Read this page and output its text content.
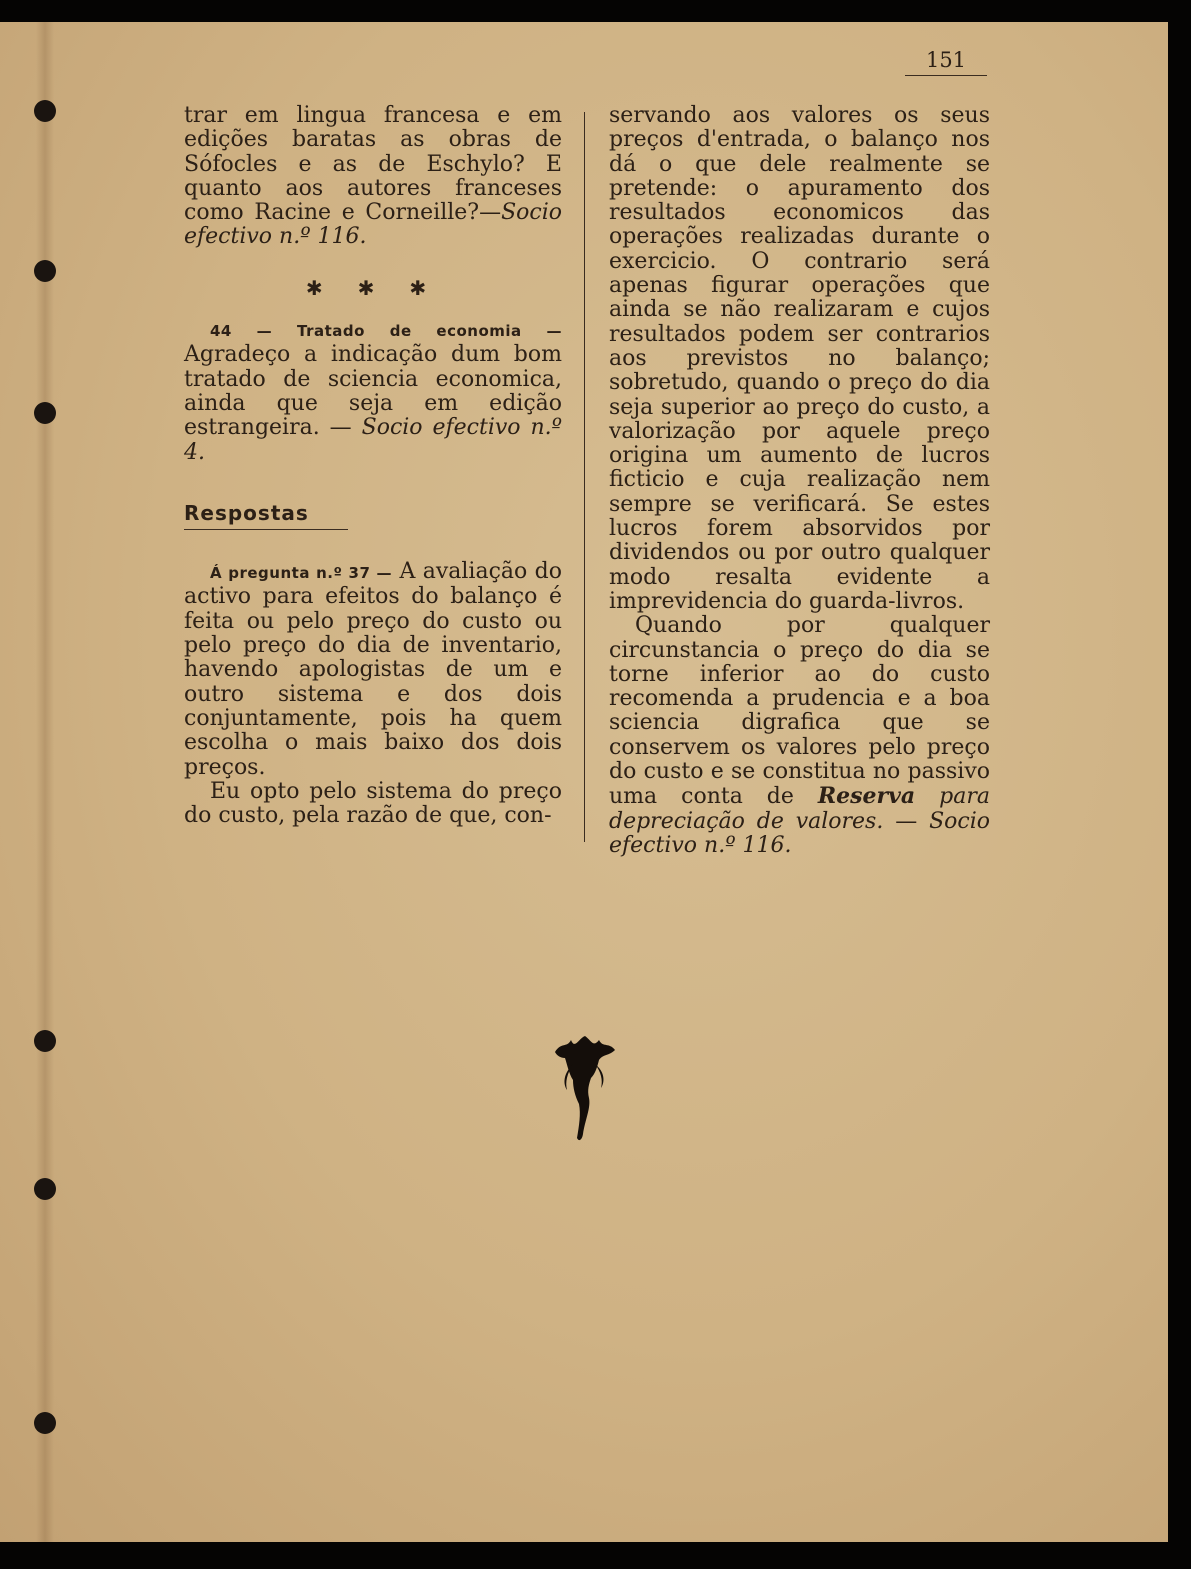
151

trar em lingua francesa e em edições baratas as obras de Sófocles e as de Eschylo? E quanto aos autores franceses como Racine e Corneille?—Socio efectivo n.º 116.

✱ ✱ ✱

44 — Tratado de economia — Agradeço a indicação dum bom tratado de sciencia economica, ainda que seja em edição estrangeira. — Socio efectivo n.º 4.

Respostas

Á pregunta n.º 37 — A avaliação do activo para efeitos do balanço é feita ou pelo preço do custo ou pelo preço do dia de inventario, havendo apologistas de um e outro sistema e dos dois conjuntamente, pois ha quem escolha o mais baixo dos dois preços.

Eu opto pelo sistema do preço do custo, pela razão de que, con-

servando aos valores os seus preços d'entrada, o balanço nos dá o que dele realmente se pretende: o apuramento dos resultados economicos das operações realizadas durante o exercicio. O contrario será apenas figurar operações que ainda se não realizaram e cujos resultados podem ser contrarios aos previstos no balanço; sobretudo, quando o preço do dia seja superior ao preço do custo, a valorização por aquele preço origina um aumento de lucros ficticio e cuja realização nem sempre se verificará. Se estes lucros forem absorvidos por dividendos ou por outro qualquer modo resalta evidente a imprevidencia do guarda-livros.

Quando por qualquer circunstancia o preço do dia se torne inferior ao do custo recomenda a prudencia e a boa sciencia digrafica que se conservem os valores pelo preço do custo e se constitua no passivo uma conta de Reserva para depreciação de valores. — Socio efectivo n.º 116.
